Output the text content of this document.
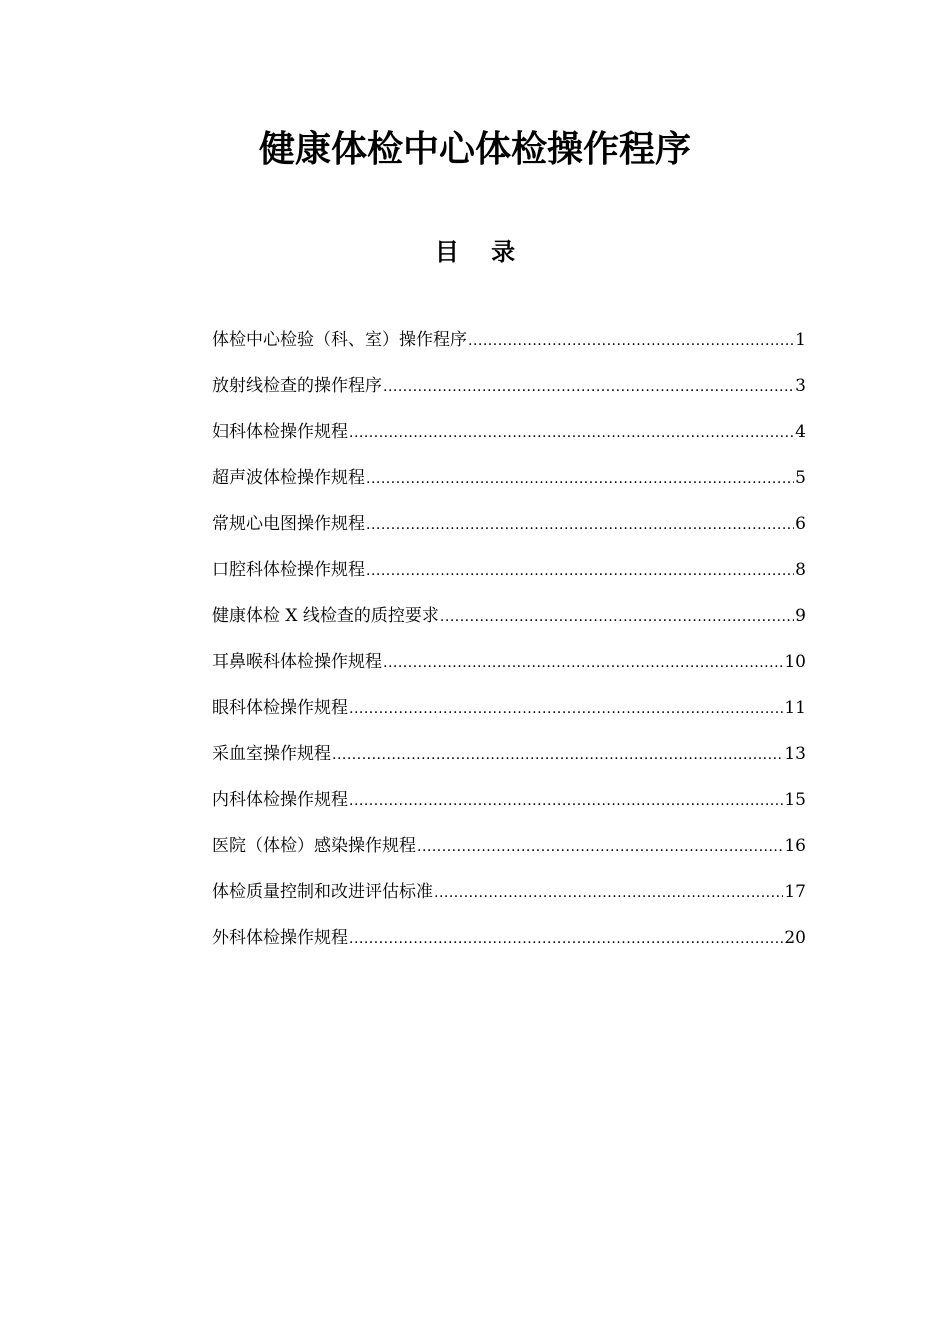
健康体检中心体检操作程序
目 录
体检中心检验（科、室）操作程序 .....	1
放射线检查的操作程序 .....	3
妇科体检操作规程 .....	4
超声波体检操作规程 .....	5
常规心电图操作规程 .....	6
口腔科体检操作规程 .....	8
健康体检 X 线检查的质控要求 .....	9
耳鼻喉科体检操作规程 .....	10
眼科体检操作规程 .....	11
采血室操作规程 .....	13
内科体检操作规程 .....	15
医院（体检）感染操作规程 .....	16
体检质量控制和改进评估标准 .....	17
外科体检操作规程 .....	20
